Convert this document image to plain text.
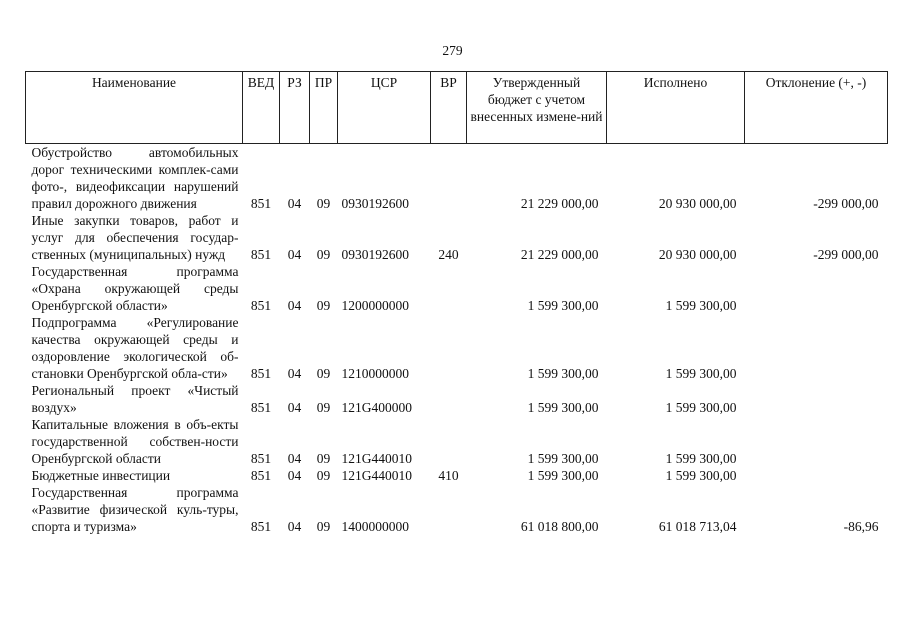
279
Наименование	ВЕД	РЗ	ПР	ЦСР	ВР	Утвержденный бюджет с учетом внесенных измене-ний	Исполнено	Отклонение (+, -)
Обустройство автомобильных дорог техническими комплек-сами фото-, видеофиксации нарушений правил дорожного движения	851	04	09	0930192600		21 229 000,00	20 930 000,00	-299 000,00
Иные закупки товаров, работ и услуг для обеспечения государ-ственных (муниципальных) нужд	851	04	09	0930192600	240	21 229 000,00	20 930 000,00	-299 000,00
Государственная программа «Охрана окружающей среды Оренбургской области»	851	04	09	1200000000		1 599 300,00	1 599 300,00	
Подпрограмма «Регулирование качества окружающей среды и оздоровление экологической об-становки Оренбургской обла-сти»	851	04	09	1210000000		1 599 300,00	1 599 300,00	
Региональный проект «Чистый воздух»	851	04	09	121G400000		1 599 300,00	1 599 300,00	
Капитальные вложения в объ-екты государственной собствен-ности Оренбургской области	851	04	09	121G440010		1 599 300,00	1 599 300,00	
Бюджетные инвестиции	851	04	09	121G440010	410	1 599 300,00	1 599 300,00	
Государственная программа «Развитие физической куль-туры, спорта и туризма»	851	04	09	1400000000		61 018 800,00	61 018 713,04	-86,96
